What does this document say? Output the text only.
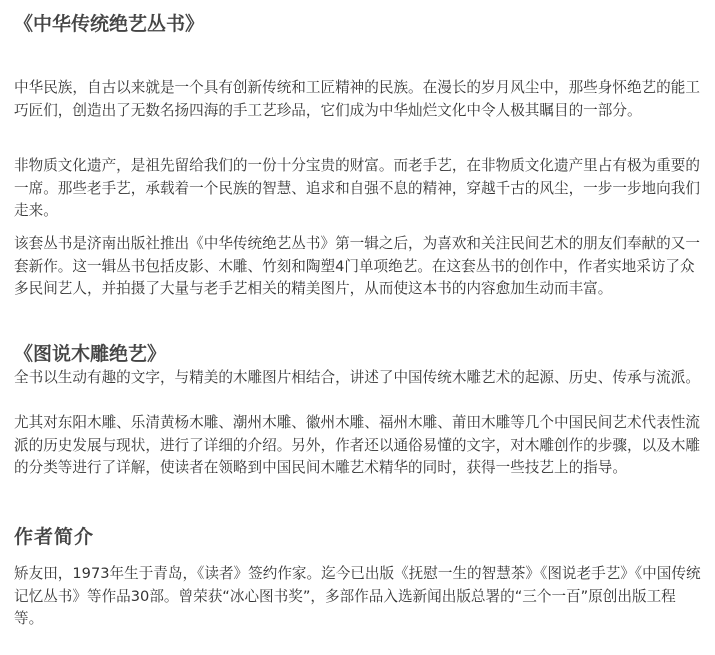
《中华传统绝艺丛书》

中华民族，自古以来就是一个具有创新传统和工匠精神的民族。在漫长的岁月风尘中，那些身怀绝艺的能工巧匠们，创造出了无数名扬四海的手工艺珍品，它们成为中华灿烂文化中令人极其瞩目的一部分。

非物质文化遗产，是祖先留给我们的一份十分宝贵的财富。而老手艺，在非物质文化遗产里占有极为重要的一席。那些老手艺，承载着一个民族的智慧、追求和自强不息的精神，穿越千古的风尘，一步一步地向我们走来。

该套丛书是济南出版社推出《中华传统绝艺丛书》第一辑之后，为喜欢和关注民间艺术的朋友们奉献的又一套新作。这一辑丛书包括皮影、木雕、竹刻和陶塑4门单项绝艺。在这套丛书的创作中，作者实地采访了众多民间艺人，并拍摄了大量与老手艺相关的精美图片，从而使这本书的内容愈加生动而丰富。

《图说木雕绝艺》

全书以生动有趣的文字，与精美的木雕图片相结合，讲述了中国传统木雕艺术的起源、历史、传承与流派。

尤其对东阳木雕、乐清黄杨木雕、潮州木雕、徽州木雕、福州木雕、莆田木雕等几个中国民间艺术代表性流派的历史发展与现状，进行了详细的介绍。另外，作者还以通俗易懂的文字，对木雕创作的步骤，以及木雕的分类等进行了详解，使读者在领略到中国民间木雕艺术精华的同时，获得一些技艺上的指导。

作者简介

矫友田，1973年生于青岛，《读者》签约作家。迄今已出版《抚慰一生的智慧茶》《图说老手艺》《中国传统记忆丛书》等作品30部。曾荣获“冰心图书奖”，多部作品入选新闻出版总署的“三个一百”原创出版工程等。
